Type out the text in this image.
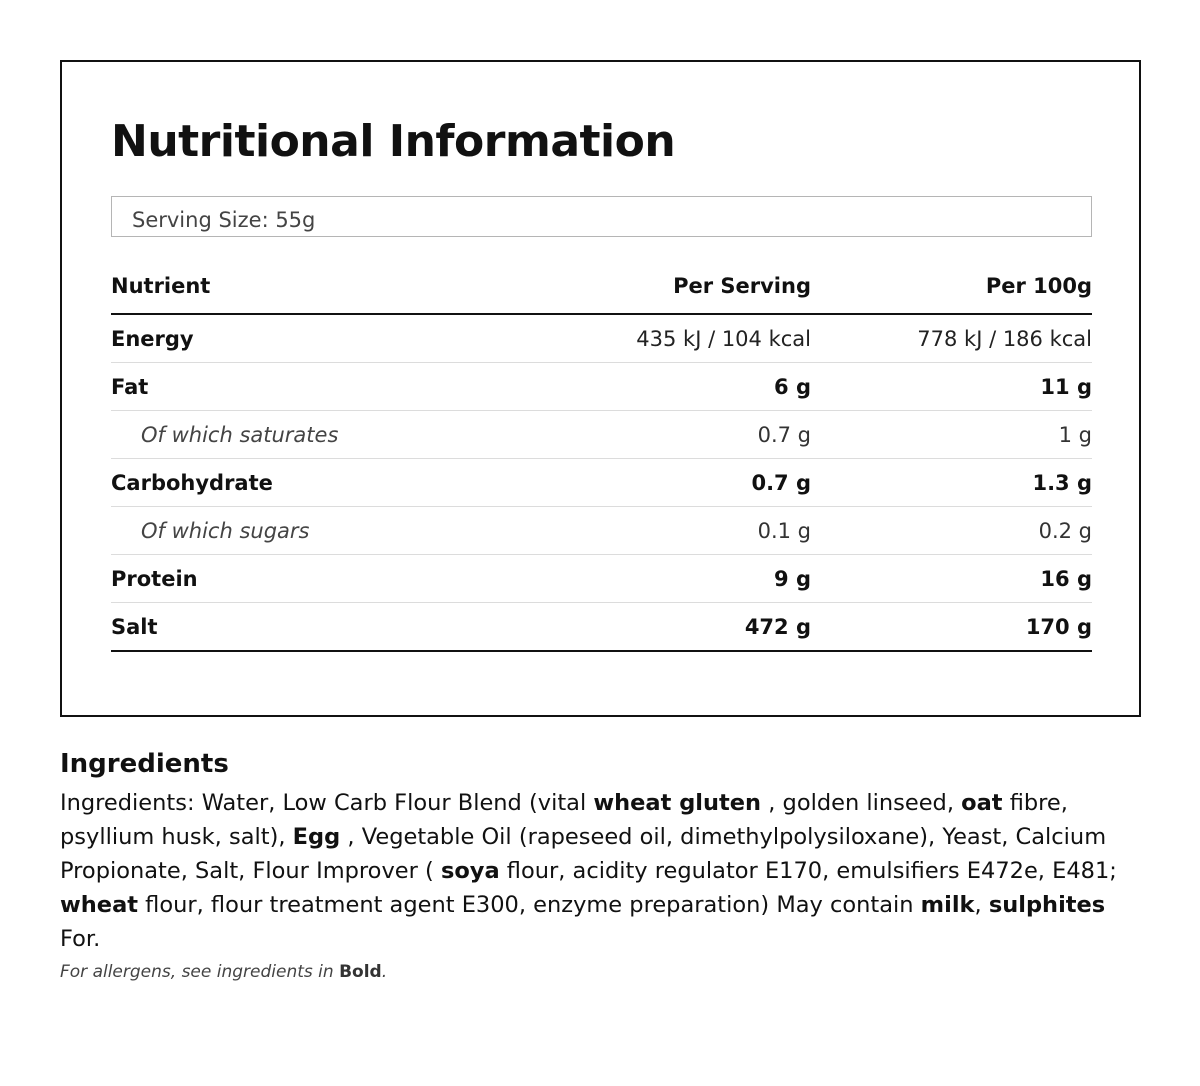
Nutritional Information
Serving Size: 55g
Nutrient	Per Serving	Per 100g
Energy	435 kJ / 104 kcal	778 kJ / 186 kcal
Fat	6 g	11 g
Of which saturates	0.7 g	1 g
Carbohydrate	0.7 g	1.3 g
Of which sugars	0.1 g	0.2 g
Protein	9 g	16 g
Salt	472 g	170 g
Ingredients

Ingredients: Water, Low Carb Flour Blend (vital wheat gluten , golden linseed, oat fibre, psyllium husk, salt), Egg , Vegetable Oil (rapeseed oil, dimethylpolysiloxane), Yeast, Calcium Propionate, Salt, Flour Improver ( soya flour, acidity regulator E170, emulsifiers E472e, E481; wheat flour, flour treatment agent E300, enzyme preparation) May contain milk, sulphites For.

For allergens, see ingredients in Bold.
